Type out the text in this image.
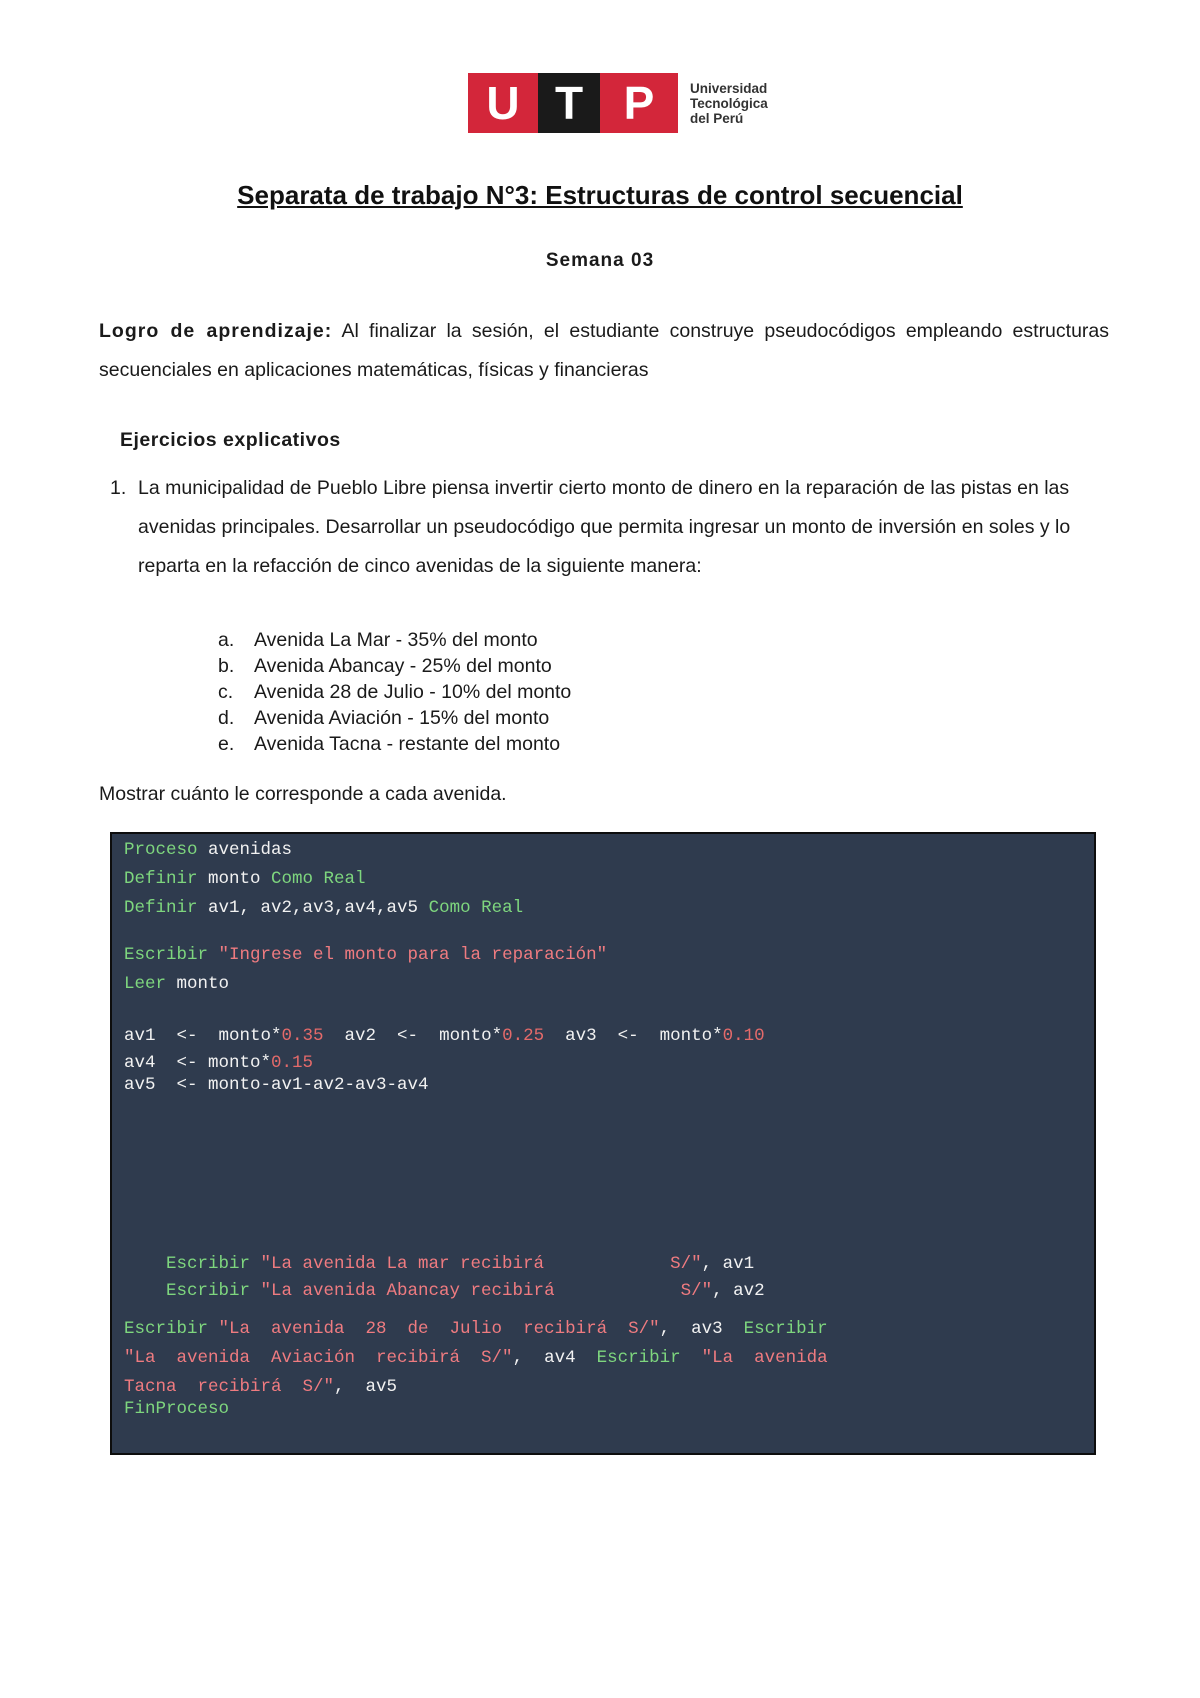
U T P	Universidad
Tecnológica
del Perú
Separata de trabajo N°3: Estructuras de control secuencial
Semana 03
Logro de aprendizaje: Al finalizar la sesión, el estudiante construye pseudocódigos empleando estructuras secuenciales en aplicaciones matemáticas, físicas y financieras
Ejercicios explicativos
1. La municipalidad de Pueblo Libre piensa invertir cierto monto de dinero en la reparación de las pistas en las avenidas principales. Desarrollar un pseudocódigo que permita ingresar un monto de inversión en soles y lo reparta en la refacción de cinco avenidas de la siguiente manera:
a.	Avenida La Mar - 35% del monto
b.	Avenida Abancay - 25% del monto
c.	Avenida 28 de Julio - 10% del monto
d.	Avenida Aviación - 15% del monto
e.	Avenida Tacna - restante del monto
Mostrar cuánto le corresponde a cada avenida.
Proceso avenidas
Definir monto Como Real
Definir av1, av2,av3,av4,av5 Como Real
Escribir "Ingrese el monto para la reparación"
Leer monto
av1  <-  monto*0.35  av2  <-  monto*0.25  av3  <-  monto*0.10
av4  <- monto*0.15
av5  <- monto-av1-av2-av3-av4
Escribir "La avenida La mar recibirá            S/", av1
Escribir "La avenida Abancay recibirá            S/", av2
Escribir "La  avenida  28  de  Julio  recibirá  S/",  av3  Escribir
"La  avenida  Aviación  recibirá  S/",  av4  Escribir  "La  avenida
Tacna  recibirá  S/",  av5
FinProceso
